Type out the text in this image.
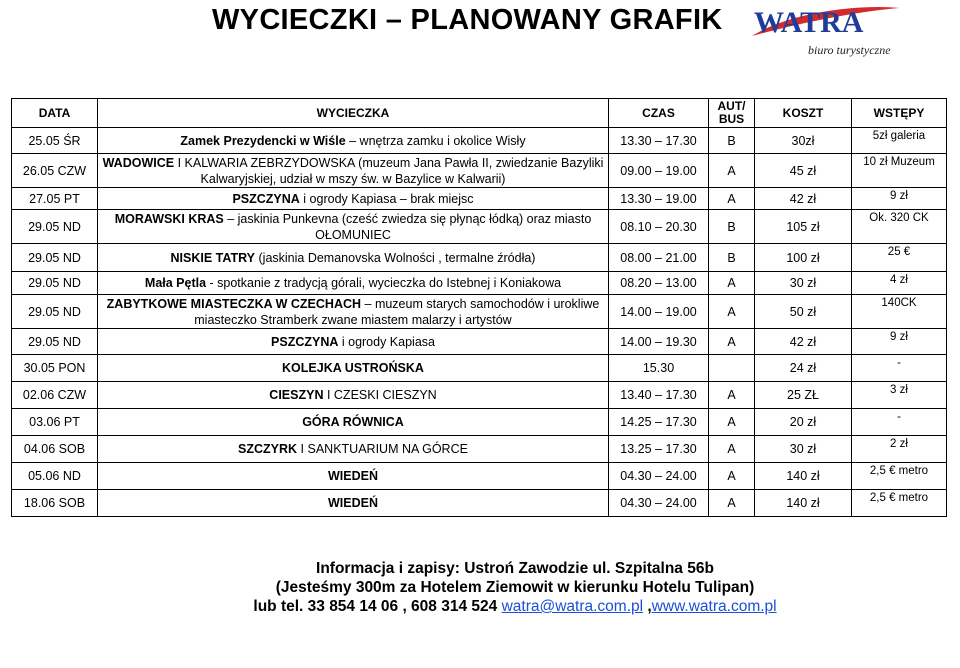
WYCIECZKI – PLANOWANY GRAFIK WATRA
biuro turystyczne
DATA	WYCIECZKA	CZAS	AUT/ BUS	KOSZT	WSTĘPY
25.05 ŚR	Zamek Prezydencki w Wiśle – wnętrza zamku i okolice Wisły	13.30 – 17.30	B	30zł	5zł galeria
26.05 CZW	WADOWICE I KALWARIA ZEBRZYDOWSKA (muzeum Jana Pawła II, zwiedzanie Bazyliki Kalwaryjskiej, udział w mszy św. w Bazylice w Kalwarii)	09.00 – 19.00	A	45 zł	10 zł Muzeum
27.05 PT	PSZCZYNA i ogrody Kapiasa – brak miejsc	13.30 – 19.00	A	42 zł	9 zł
29.05 ND	MORAWSKI KRAS – jaskinia Punkevna (cześć zwiedza się płynąc łódką) oraz miasto OŁOMUNIEC	08.10 – 20.30	B	105 zł	Ok. 320 CK
29.05 ND	NISKIE TATRY (jaskinia Demanovska Wolności , termalne źródła)	08.00 – 21.00	B	100 zł	25 €
29.05 ND	Mała Pętla - spotkanie z tradycją górali, wycieczka do Istebnej i Koniakowa	08.20 – 13.00	A	30 zł	4 zł
29.05 ND	ZABYTKOWE MIASTECZKA W CZECHACH – muzeum starych samochodów i urokliwe miasteczko Stramberk zwane miastem malarzy i artystów	14.00 – 19.00	A	50 zł	140CK
29.05 ND	PSZCZYNA i ogrody Kapiasa	14.00 – 19.30	A	42 zł	9 zł
30.05 PON	KOLEJKA USTROŃSKA	15.30		24 zł	-
02.06 CZW	CIESZYN I CZESKI CIESZYN	13.40 – 17.30	A	25 ZŁ	3 zł
03.06 PT	GÓRA RÓWNICA	14.25 – 17.30	A	20 zł	-
04.06 SOB	SZCZYRK I SANKTUARIUM NA GÓRCE	13.25 – 17.30	A	30 zł	2 zł
05.06 ND	WIEDEŃ	04.30 – 24.00	A	140 zł	2,5 € metro
18.06 SOB	WIEDEŃ	04.30 – 24.00	A	140 zł	2,5 € metro
Informacja i zapisy: Ustroń Zawodzie ul. Szpitalna 56b
(Jesteśmy 300m za Hotelem Ziemowit w kierunku Hotelu Tulipan)
lub tel. 33 854 14 06 , 608 314 524 watra@watra.com.pl ,www.watra.com.pl
